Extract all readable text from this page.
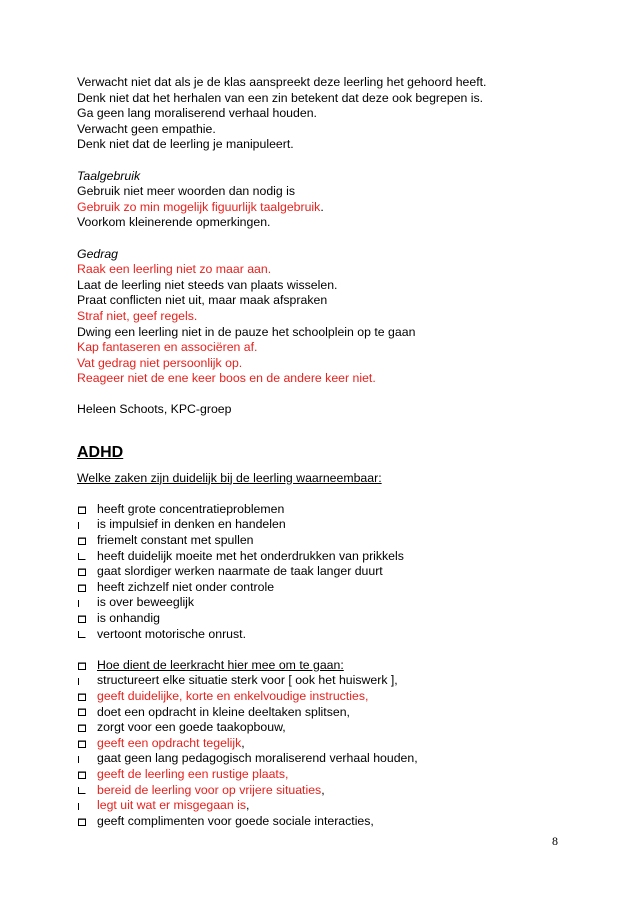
Verwacht niet dat als je de klas aanspreekt deze leerling het gehoord heeft.
Denk niet dat het herhalen van een zin betekent dat deze ook begrepen is.
Ga geen lang moraliserend verhaal houden.
Verwacht geen empathie.
Denk niet dat de leerling je manipuleert.
Taalgebruik
Gebruik niet meer woorden dan nodig is
Gebruik zo min mogelijk figuurlijk taalgebruik.
Voorkom kleinerende opmerkingen.
Gedrag
Raak een leerling niet zo maar aan.
Laat de leerling niet steeds van plaats wisselen.
Praat conflicten niet uit, maar maak afspraken
Straf niet, geef regels.
Dwing een leerling niet in de pauze het schoolplein op te gaan
Kap fantaseren en associëren af.
Vat gedrag niet persoonlijk op.
Reageer niet de ene keer boos en de andere keer niet.
Heleen Schoots, KPC-groep
ADHD
Welke zaken zijn duidelijk bij de leerling waarneembaar:
heeft grote concentratieproblemen
is impulsief in denken en handelen
friemelt constant met spullen
heeft duidelijk moeite met het onderdrukken van prikkels
gaat slordiger werken naarmate de taak langer duurt
heeft zichzelf niet onder controle
is over beweeglijk
is onhandig
vertoont motorische onrust.
Hoe dient de leerkracht hier mee om te gaan:
structureert elke situatie sterk voor [ ook het huiswerk ],
geeft duidelijke, korte en enkelvoudige instructies,
doet een opdracht in kleine deeltaken splitsen,
zorgt voor een goede taakopbouw,
geeft een opdracht tegelijk,
gaat geen lang pedagogisch moraliserend verhaal houden,
geeft de leerling een rustige plaats,
bereid de leerling voor op vrijere situaties,
legt uit wat er misgegaan is,
geeft complimenten voor goede sociale interacties,
8
